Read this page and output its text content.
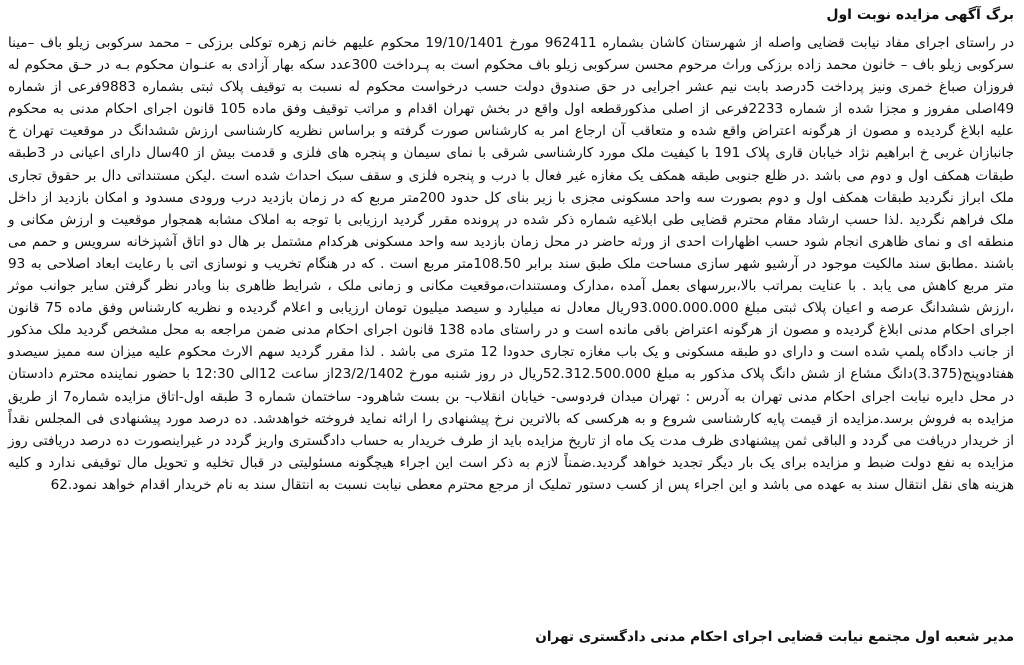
برگ آگهی مزایده نوبت اول

در راستای اجرای مفاد نیابت قضایی واصله از شهرستان کاشان بشماره 962411 مورخ 19/10/1401 محکوم علیهم خانم زهره توکلی برزکی – محمد سرکوبی زیلو باف –مینا سرکوبی زیلو باف – خانون محمد زاده برزکی وراث مرحوم محسن سرکوبی زیلو باف محکوم است به پـرداخت 300عدد سکه بهار آزادی به عنـوان محکوم بـه در حـق محکوم له فروزان صباغ خمری ونیز پرداخت 5درصد بابت نیم عشر اجرایی در حق صندوق دولت حسب درخواست محکوم له نسبت به توقیف پلاک ثبتی بشماره 9883فرعی از شماره 49اصلی مفروز و مجزا شده از شماره 2233فرعی از اصلی مذکورقطعه اول واقع در بخش تهران اقدام و مراتب توقیف وفق ماده 105 قانون اجرای احکام مدنی به محکوم علیه ابلاغ گردیده و مصون از هرگونه اعتراض واقع شده و متعاقب آن ارجاع امر به کارشناس صورت گرفته و براساس نظریه کارشناسی ارزش ششدانگ در موقعیت تهران خ جانبازان غربی خ ابراهیم نژاد خیابان قاری پلاک 191 با کیفیت ملک مورد کارشناسی شرقی با نمای سیمان و پنجره های فلزی و قدمت بیش از 40سال دارای اعیانی در 3طبقه طبقات همکف اول و دوم می باشد .در ظلع جنوبی طبقه همکف یک مغازه غیر فعال با درب و پنجره فلزی و سقف سبک احداث شده است .لیکن مستنداتی دال بر حقوق تجاری ملک ابراز نگردید طبقات همکف اول و دوم بصورت سه واحد مسکونی مجزی با زیر بنای کل حدود 200متر مربع که در زمان بازدید درب ورودی مسدود و امکان بازدید از داخل ملک فراهم نگردید .لذا حسب ارشاد مقام محترم قضایی طی ابلاغیه شماره ذکر شده در پرونده مقرر گردید ارزیابی با توجه به املاک مشابه همجوار موقعیت و ارزش مکانی و منطقه ای و نمای ظاهری انجام شود حسب اظهارات احدی از ورثه حاضر در محل زمان بازدید سه واحد مسکونی هرکدام مشتمل بر هال دو اتاق آشپزخانه سرویس و حمم می باشند .مطابق سند مالکیت موجود در آرشیو شهر سازی مساحت ملک طبق سند برابر 108.50متر مربع است . که در هنگام تخریب و نوسازی اتی با رعایت ابعاد اصلاحی به 93 متر مربع کاهش می یابد . با عنایت بمراتب بالا،بررسهای بعمل آمده ،مدارک ومستندات،موقعیت مکانی و زمانی ملک ، شرایط ظاهری بنا وبادر نظر گرفتن سایر جوانب موثر ،ارزش ششدانگ عرصه و اعیان پلاک ثبتی مبلغ 93.000.000.000ریال معادل نه میلیارد و سیصد میلیون تومان ارزیابی و اعلام گردیده و نظریه کارشناس وفق ماده 75 قانون اجرای احکام مدنی ابلاغ گردیده و مصون از هرگونه اعتراض باقی مانده است و در راستای ماده 138 قانون اجرای احکام مدنی ضمن مراجعه به محل مشخص گردید ملک مذکور از جانب دادگاه پلمپ شده است و دارای دو طبقه مسکونی و یک باب مغازه تجاری حدودا 12 متری می باشد . لذا مقرر گردید سهم الارث محکوم علیه میزان سه ممیز سیصدو هفتادوپنج(3.375)دانگ مشاع از شش دانگ پلاک مذکور به مبلغ 52.312.500.000ریال در روز شنبه مورخ 23/2/1402از ساعت 12الی 12:30 با حضور نماینده محترم دادستان در محل دایره نیابت اجرای احکام مدنی تهران به آدرس : تهران میدان فردوسی- خیابان انقلاب- بن بست شاهرود- ساختمان شماره 3 طبقه اول-اتاق مزایده شماره7 از طریق مزایده به فروش برسد.مزایده از قیمت پایه کارشناسی شروع و به هرکسی که بالاترین نرخ پیشنهادی را ارائه نماید فروخته خواهدشد. ده درصد مورد پیشنهادی فی المجلس نقداً از خریدار دریافت می گردد و الباقی ثمن پیشنهادی ظرف مدت یک ماه از تاریخ مزایده باید از طرف خریدار به حساب دادگستری واریز گردد در غیراینصورت ده درصد دریافتی روز مزایده به نفع دولت ضبط و مزایده برای یک بار دیگر تجدید خواهد گردید.ضمناً لازم به ذکر است این اجراء هیچگونه مسئولیتی در قبال تخلیه و تحویل مال توقیفی ندارد و کلیه هزینه های نقل انتقال سند به عهده می باشد و این اجراء پس از کسب دستور تملیک از مرجع محترم معطی نیابت نسبت به انتقال سند به نام خریدار اقدام خواهد نمود.62

مدیر شعبه اول مجتمع نیابت قضایی اجرای احکام مدنی دادگستری تهران
